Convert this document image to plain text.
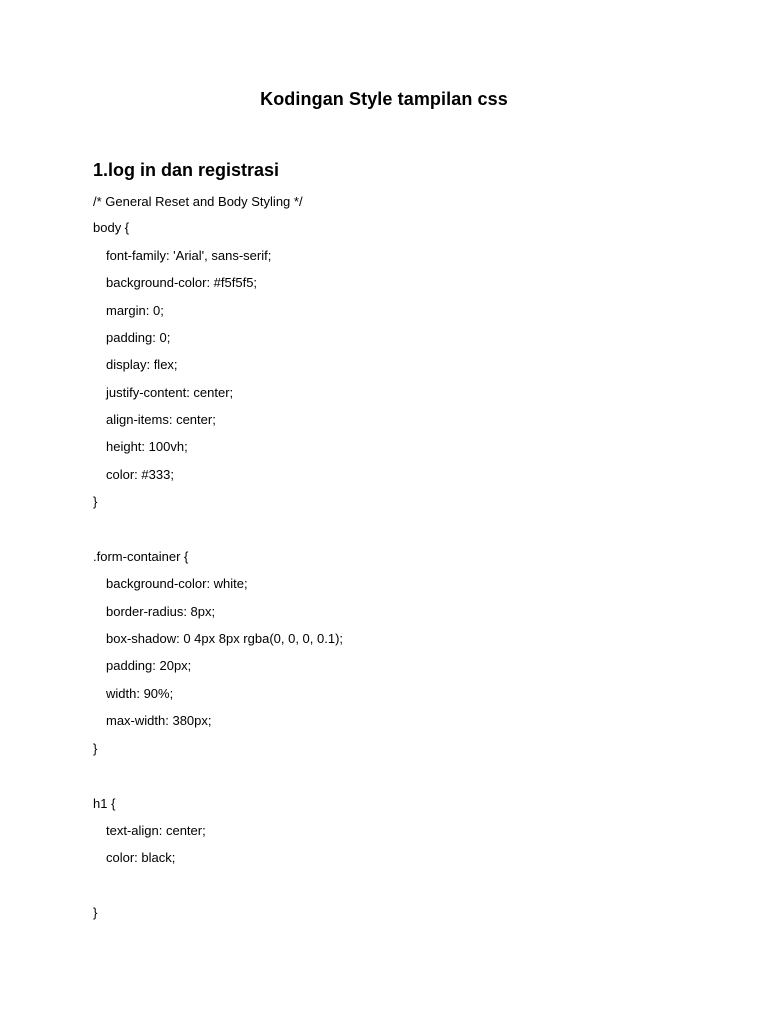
Kodingan Style tampilan css
1.log in dan registrasi
/* General Reset and Body Styling */
body {
font-family: 'Arial', sans-serif;
background-color: #f5f5f5;
margin: 0;
padding: 0;
display: flex;
justify-content: center;
align-items: center;
height: 100vh;
color: #333;
}
.form-container {
background-color: white;
border-radius: 8px;
box-shadow: 0 4px 8px rgba(0, 0, 0, 0.1);
padding: 20px;
width: 90%;
max-width: 380px;
}
h1 {
text-align: center;
color: black;
}
